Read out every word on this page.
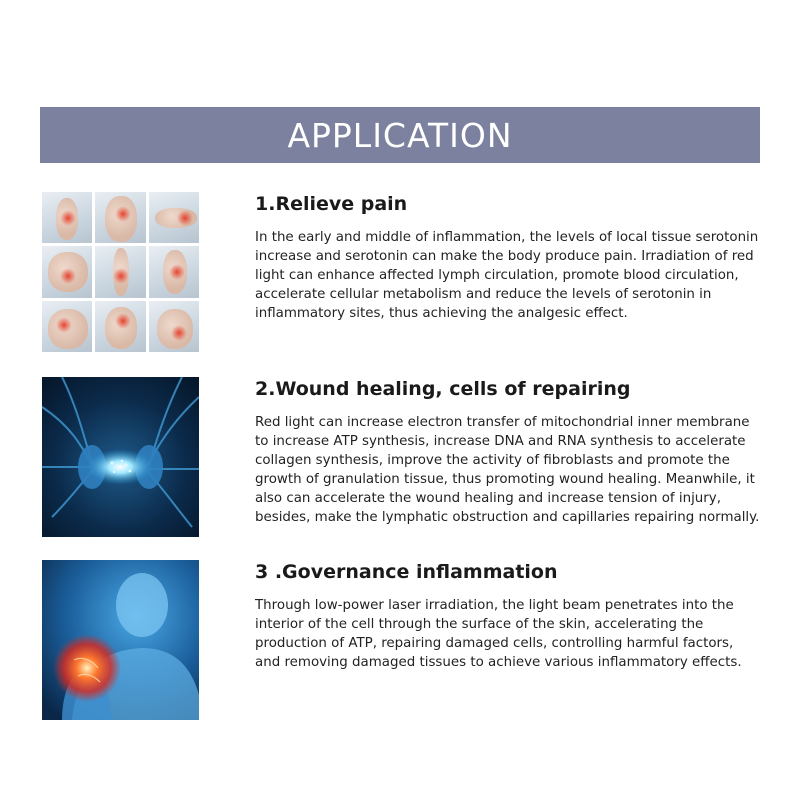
APPLICATION
1.Relieve pain

In the early and middle of inflammation, the levels of local tissue serotonin increase and serotonin can make the body produce pain. Irradiation of red light can enhance affected lymph circulation, promote blood circulation, accelerate cellular metabolism and reduce the levels of serotonin in inflammatory sites, thus achieving the analgesic effect.

2.Wound healing, cells of repairing

Red light can increase electron transfer of mitochondrial inner membrane to increase ATP synthesis, increase DNA and RNA synthesis to accelerate collagen synthesis, improve the activity of fibroblasts and promote the growth of granulation tissue, thus promoting wound healing. Meanwhile, it also can accelerate the wound healing and increase tension of injury, besides, make the lymphatic obstruction and capillaries repairing normally.

3 .Governance inflammation

Through low-power laser irradiation, the light beam penetrates into the interior of the cell through the surface of the skin, accelerating the production of ATP, repairing damaged cells, controlling harmful factors, and removing damaged tissues to achieve various inflammatory effects.
